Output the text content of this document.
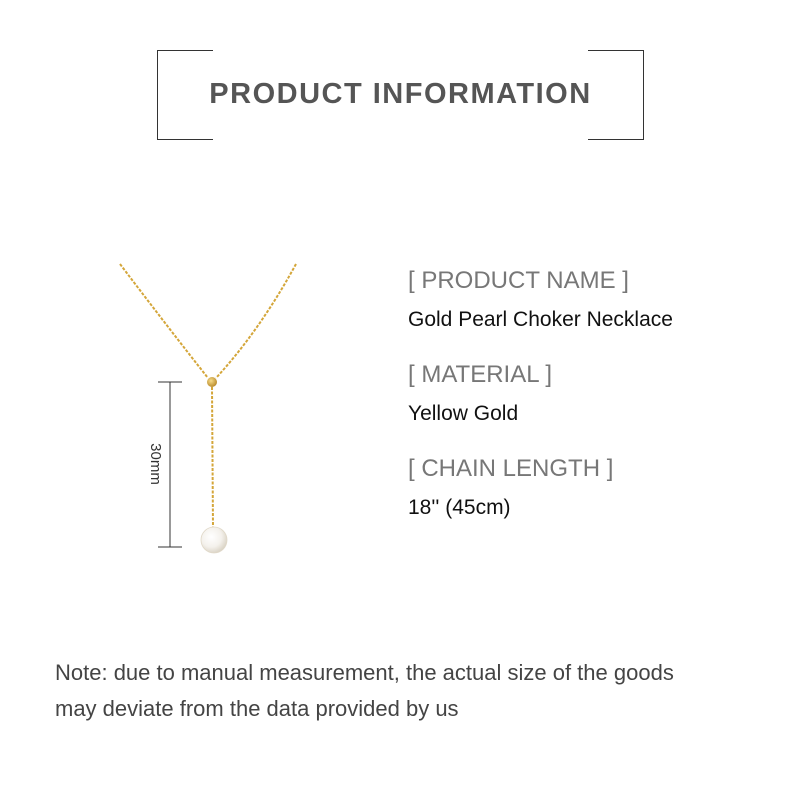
PRODUCT INFORMATION
30mm
[ PRODUCT NAME ]
Gold Pearl Choker Necklace
[ MATERIAL ]
Yellow Gold
[ CHAIN LENGTH ]
18'' (45cm)
Note: due to manual measurement, the actual size of the goods
may deviate from the data provided by us
